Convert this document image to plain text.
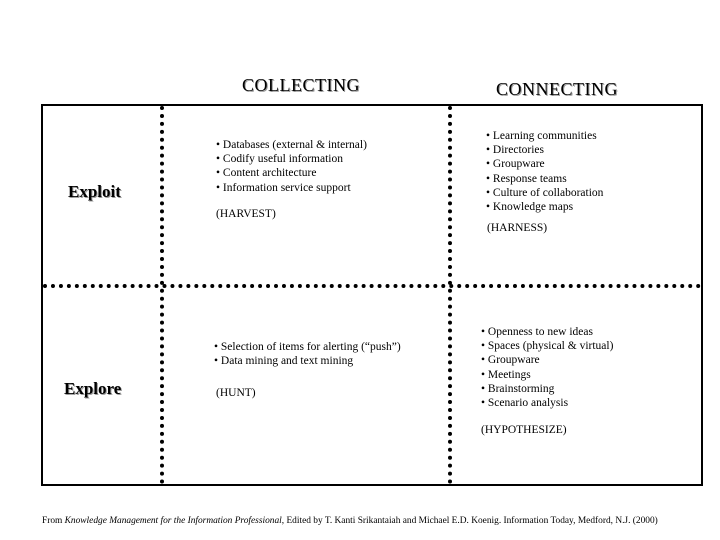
COLLECTING	CONNECTING
Exploit
Explore
• Databases (external & internal)
• Codify useful information
• Content architecture
• Information service support
(HARVEST)
• Learning communities
• Directories
• Groupware
• Response teams
• Culture of collaboration
• Knowledge maps
(HARNESS)
• Selection of items for alerting (“push”)
• Data mining and text mining
(HUNT)
• Openness to new ideas
• Spaces (physical & virtual)
• Groupware
• Meetings
• Brainstorming
• Scenario analysis
(HYPOTHESIZE)
From Knowledge Management for the Information Professional, Edited by T. Kanti Srikantaiah and Michael E.D. Koenig. Information Today, Medford, N.J. (2000)
